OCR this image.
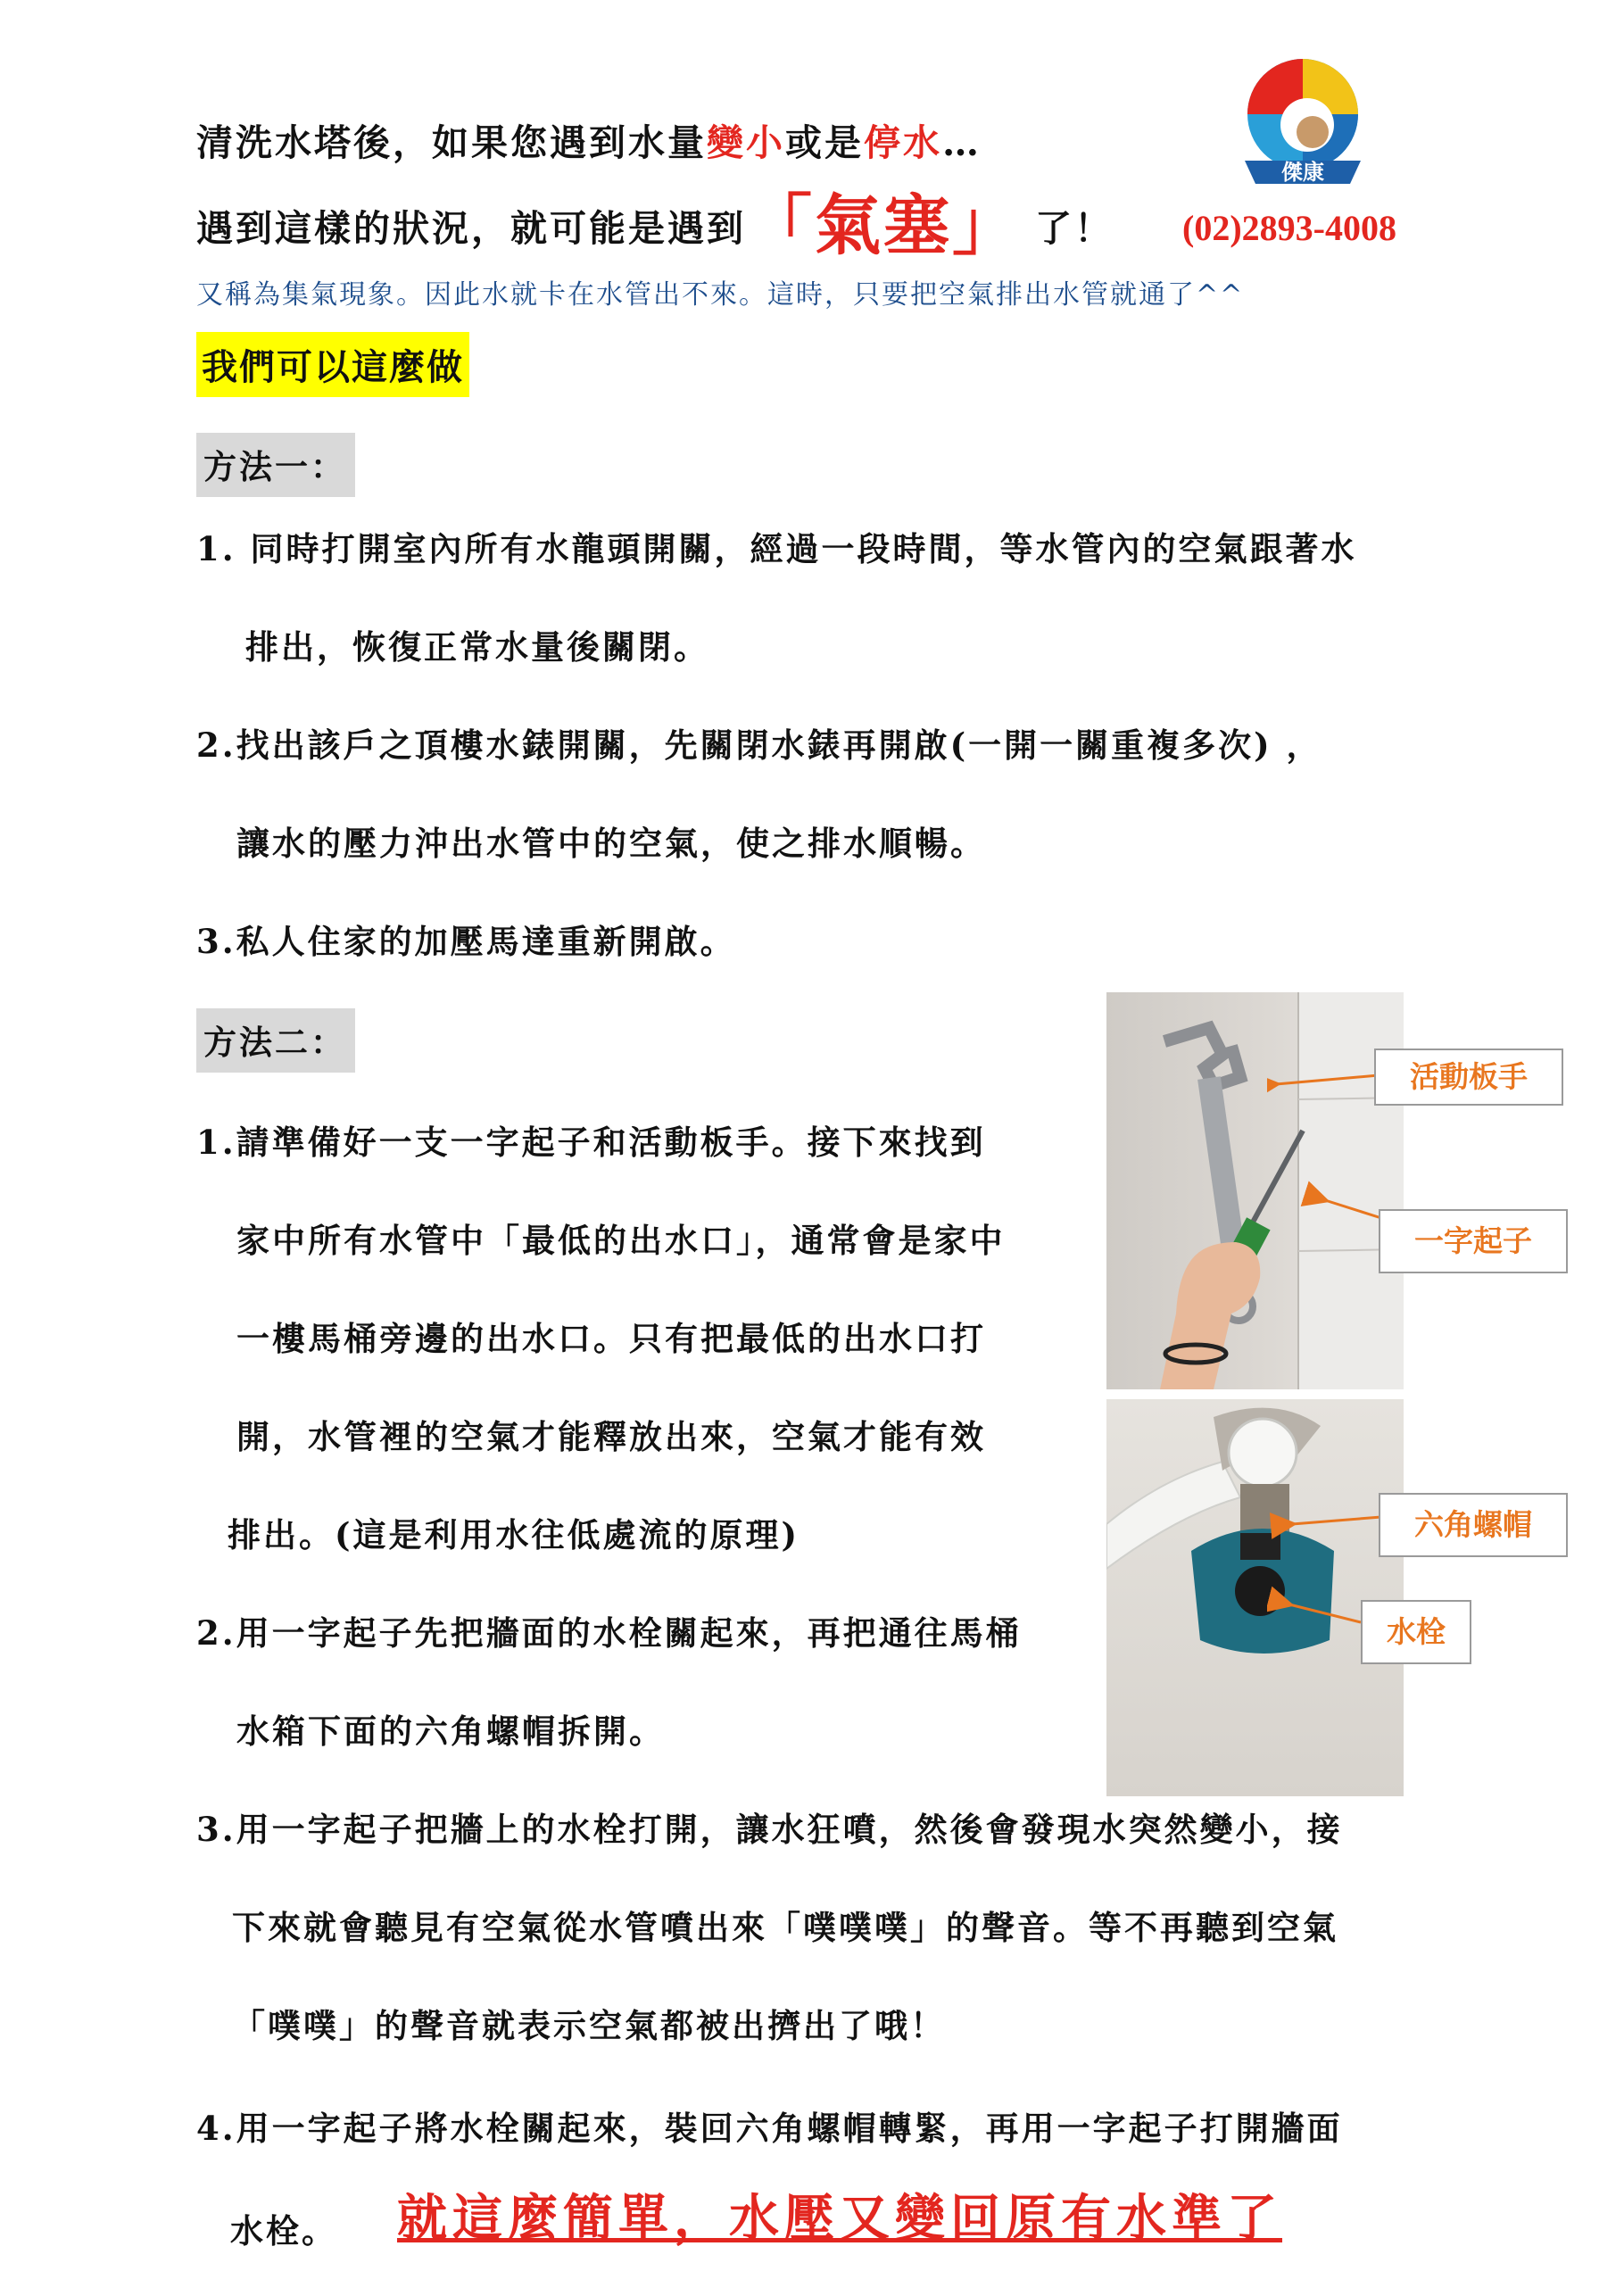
清洗水塔後，如果您遇到水量變小或是停水…
遇到這樣的狀況，就可能是遇到「氣塞」 了！ (02)2893-4008
傑康
又稱為集氣現象。因此水就卡在水管出不來。這時，只要把空氣排出水管就通了^^
我們可以這麼做
方法一：
1. 同時打開室內所有水龍頭開關，經過一段時間，等水管內的空氣跟著水
排出，恢復正常水量後關閉。
2.找出該戶之頂樓水錶開關，先關閉水錶再開啟(一開一關重複多次) ，
讓水的壓力沖出水管中的空氣，使之排水順暢。
3.私人住家的加壓馬達重新開啟。
方法二：
1.請準備好一支一字起子和活動板手。接下來找到
家中所有水管中「最低的出水口」，通常會是家中
一樓馬桶旁邊的出水口。只有把最低的出水口打
開，水管裡的空氣才能釋放出來，空氣才能有效
排出。(這是利用水往低處流的原理)
2.用一字起子先把牆面的水栓關起來，再把通往馬桶
水箱下面的六角螺帽拆開。
3.用一字起子把牆上的水栓打開，讓水狂噴，然後會發現水突然變小，接
下來就會聽見有空氣從水管噴出來「噗噗噗」的聲音。等不再聽到空氣
「噗噗」的聲音就表示空氣都被出擠出了哦！
4.用一字起子將水栓關起來，裝回六角螺帽轉緊，再用一字起子打開牆面
水栓。 就這麼簡單，水壓又變回原有水準了
活動板手
一字起子
六角螺帽
水栓
